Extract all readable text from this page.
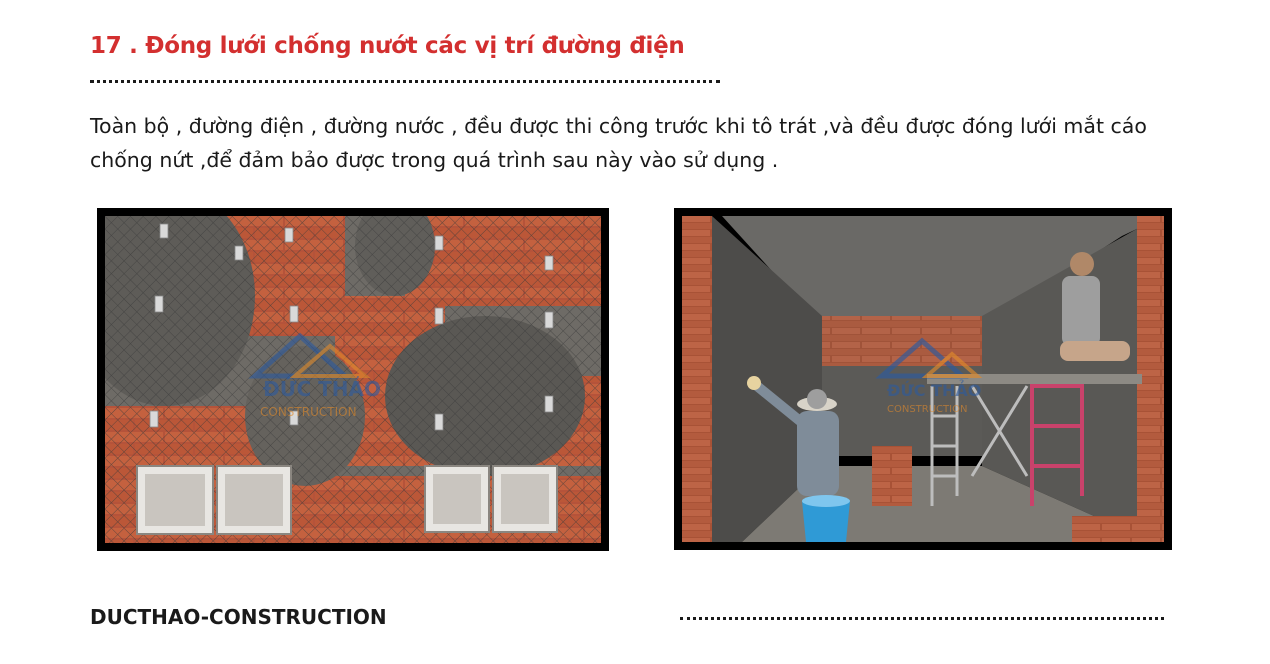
17 . Đóng lưới chống nướt các vị trí đường điện
Toàn bộ , đường điện , đường nước , đều được thi công trước khi tô trát ,và đều được đóng lưới mắt cáo chống nứt ,để đảm bảo được trong quá trình sau này vào sử dụng .
ĐỨC THẢO
CONSTRUCTION
ĐỨC THẢO
CONSTRUCTION
DUCTHAO-CONSTRUCTION
